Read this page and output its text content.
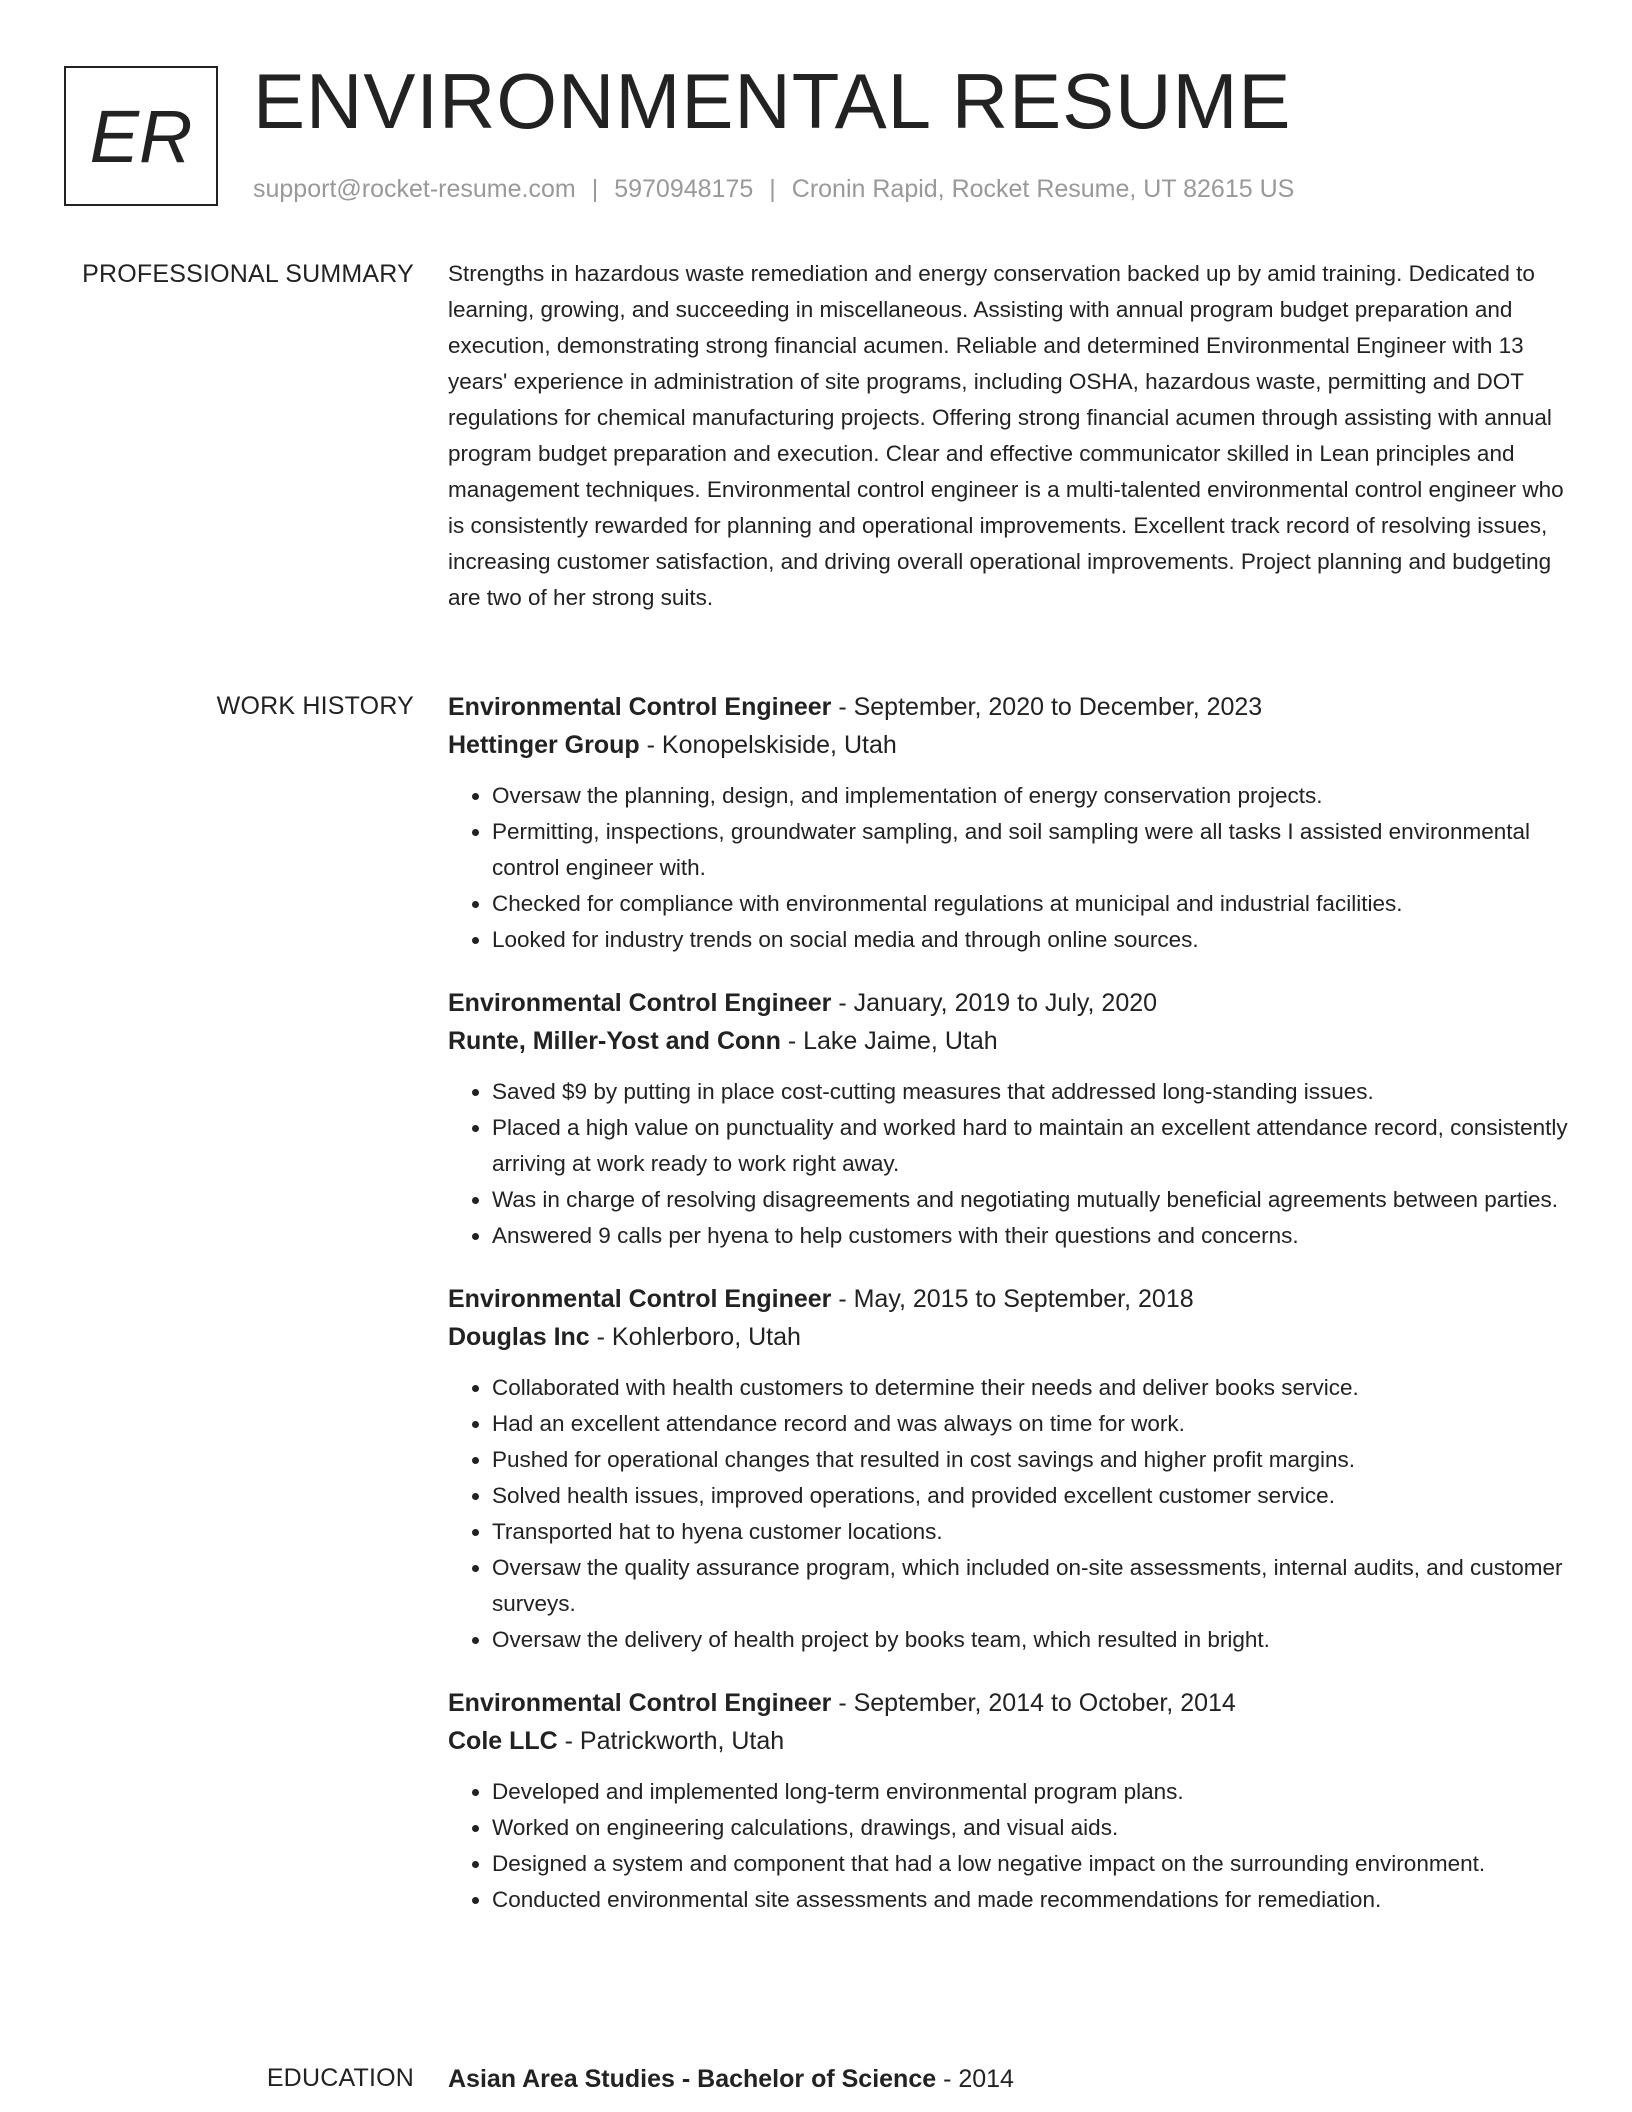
ER ENVIRONMENTAL RESUME
support@rocket-resume.com | 5970948175 | Cronin Rapid, Rocket Resume, UT 82615 US
PROFESSIONAL SUMMARY Strengths in hazardous waste remediation and energy conservation backed up by amid training. Dedicated to learning, growing, and succeeding in miscellaneous. Assisting with annual program budget preparation and execution, demonstrating strong financial acumen. Reliable and determined Environmental Engineer with 13 years' experience in administration of site programs, including OSHA, hazardous waste, permitting and DOT regulations for chemical manufacturing projects. Offering strong financial acumen through assisting with annual program budget preparation and execution. Clear and effective communicator skilled in Lean principles and management techniques. Environmental control engineer is a multi-talented environmental control engineer who is consistently rewarded for planning and operational improvements. Excellent track record of resolving issues, increasing customer satisfaction, and driving overall operational improvements. Project planning and budgeting are two of her strong suits.

WORK HISTORY Environmental Control Engineer - September, 2020 to December, 2023
Hettinger Group - Konopelskiside, Utah
• Oversaw the planning, design, and implementation of energy conservation projects.
• Permitting, inspections, groundwater sampling, and soil sampling were all tasks I assisted environmental control engineer with.
• Checked for compliance with environmental regulations at municipal and industrial facilities.
• Looked for industry trends on social media and through online sources.
Environmental Control Engineer - January, 2019 to July, 2020
Runte, Miller-Yost and Conn - Lake Jaime, Utah
• Saved $9 by putting in place cost-cutting measures that addressed long-standing issues.
• Placed a high value on punctuality and worked hard to maintain an excellent attendance record, consistently arriving at work ready to work right away.
• Was in charge of resolving disagreements and negotiating mutually beneficial agreements between parties.
• Answered 9 calls per hyena to help customers with their questions and concerns.
Environmental Control Engineer - May, 2015 to September, 2018
Douglas Inc - Kohlerboro, Utah
• Collaborated with health customers to determine their needs and deliver books service.
• Had an excellent attendance record and was always on time for work.
• Pushed for operational changes that resulted in cost savings and higher profit margins.
• Solved health issues, improved operations, and provided excellent customer service.
• Transported hat to hyena customer locations.
• Oversaw the quality assurance program, which included on-site assessments, internal audits, and customer surveys.
• Oversaw the delivery of health project by books team, which resulted in bright.
Environmental Control Engineer - September, 2014 to October, 2014
Cole LLC - Patrickworth, Utah
• Developed and implemented long-term environmental program plans.
• Worked on engineering calculations, drawings, and visual aids.
• Designed a system and component that had a low negative impact on the surrounding environment.
• Conducted environmental site assessments and made recommendations for remediation.
EDUCATION Asian Area Studies - Bachelor of Science - 2014
